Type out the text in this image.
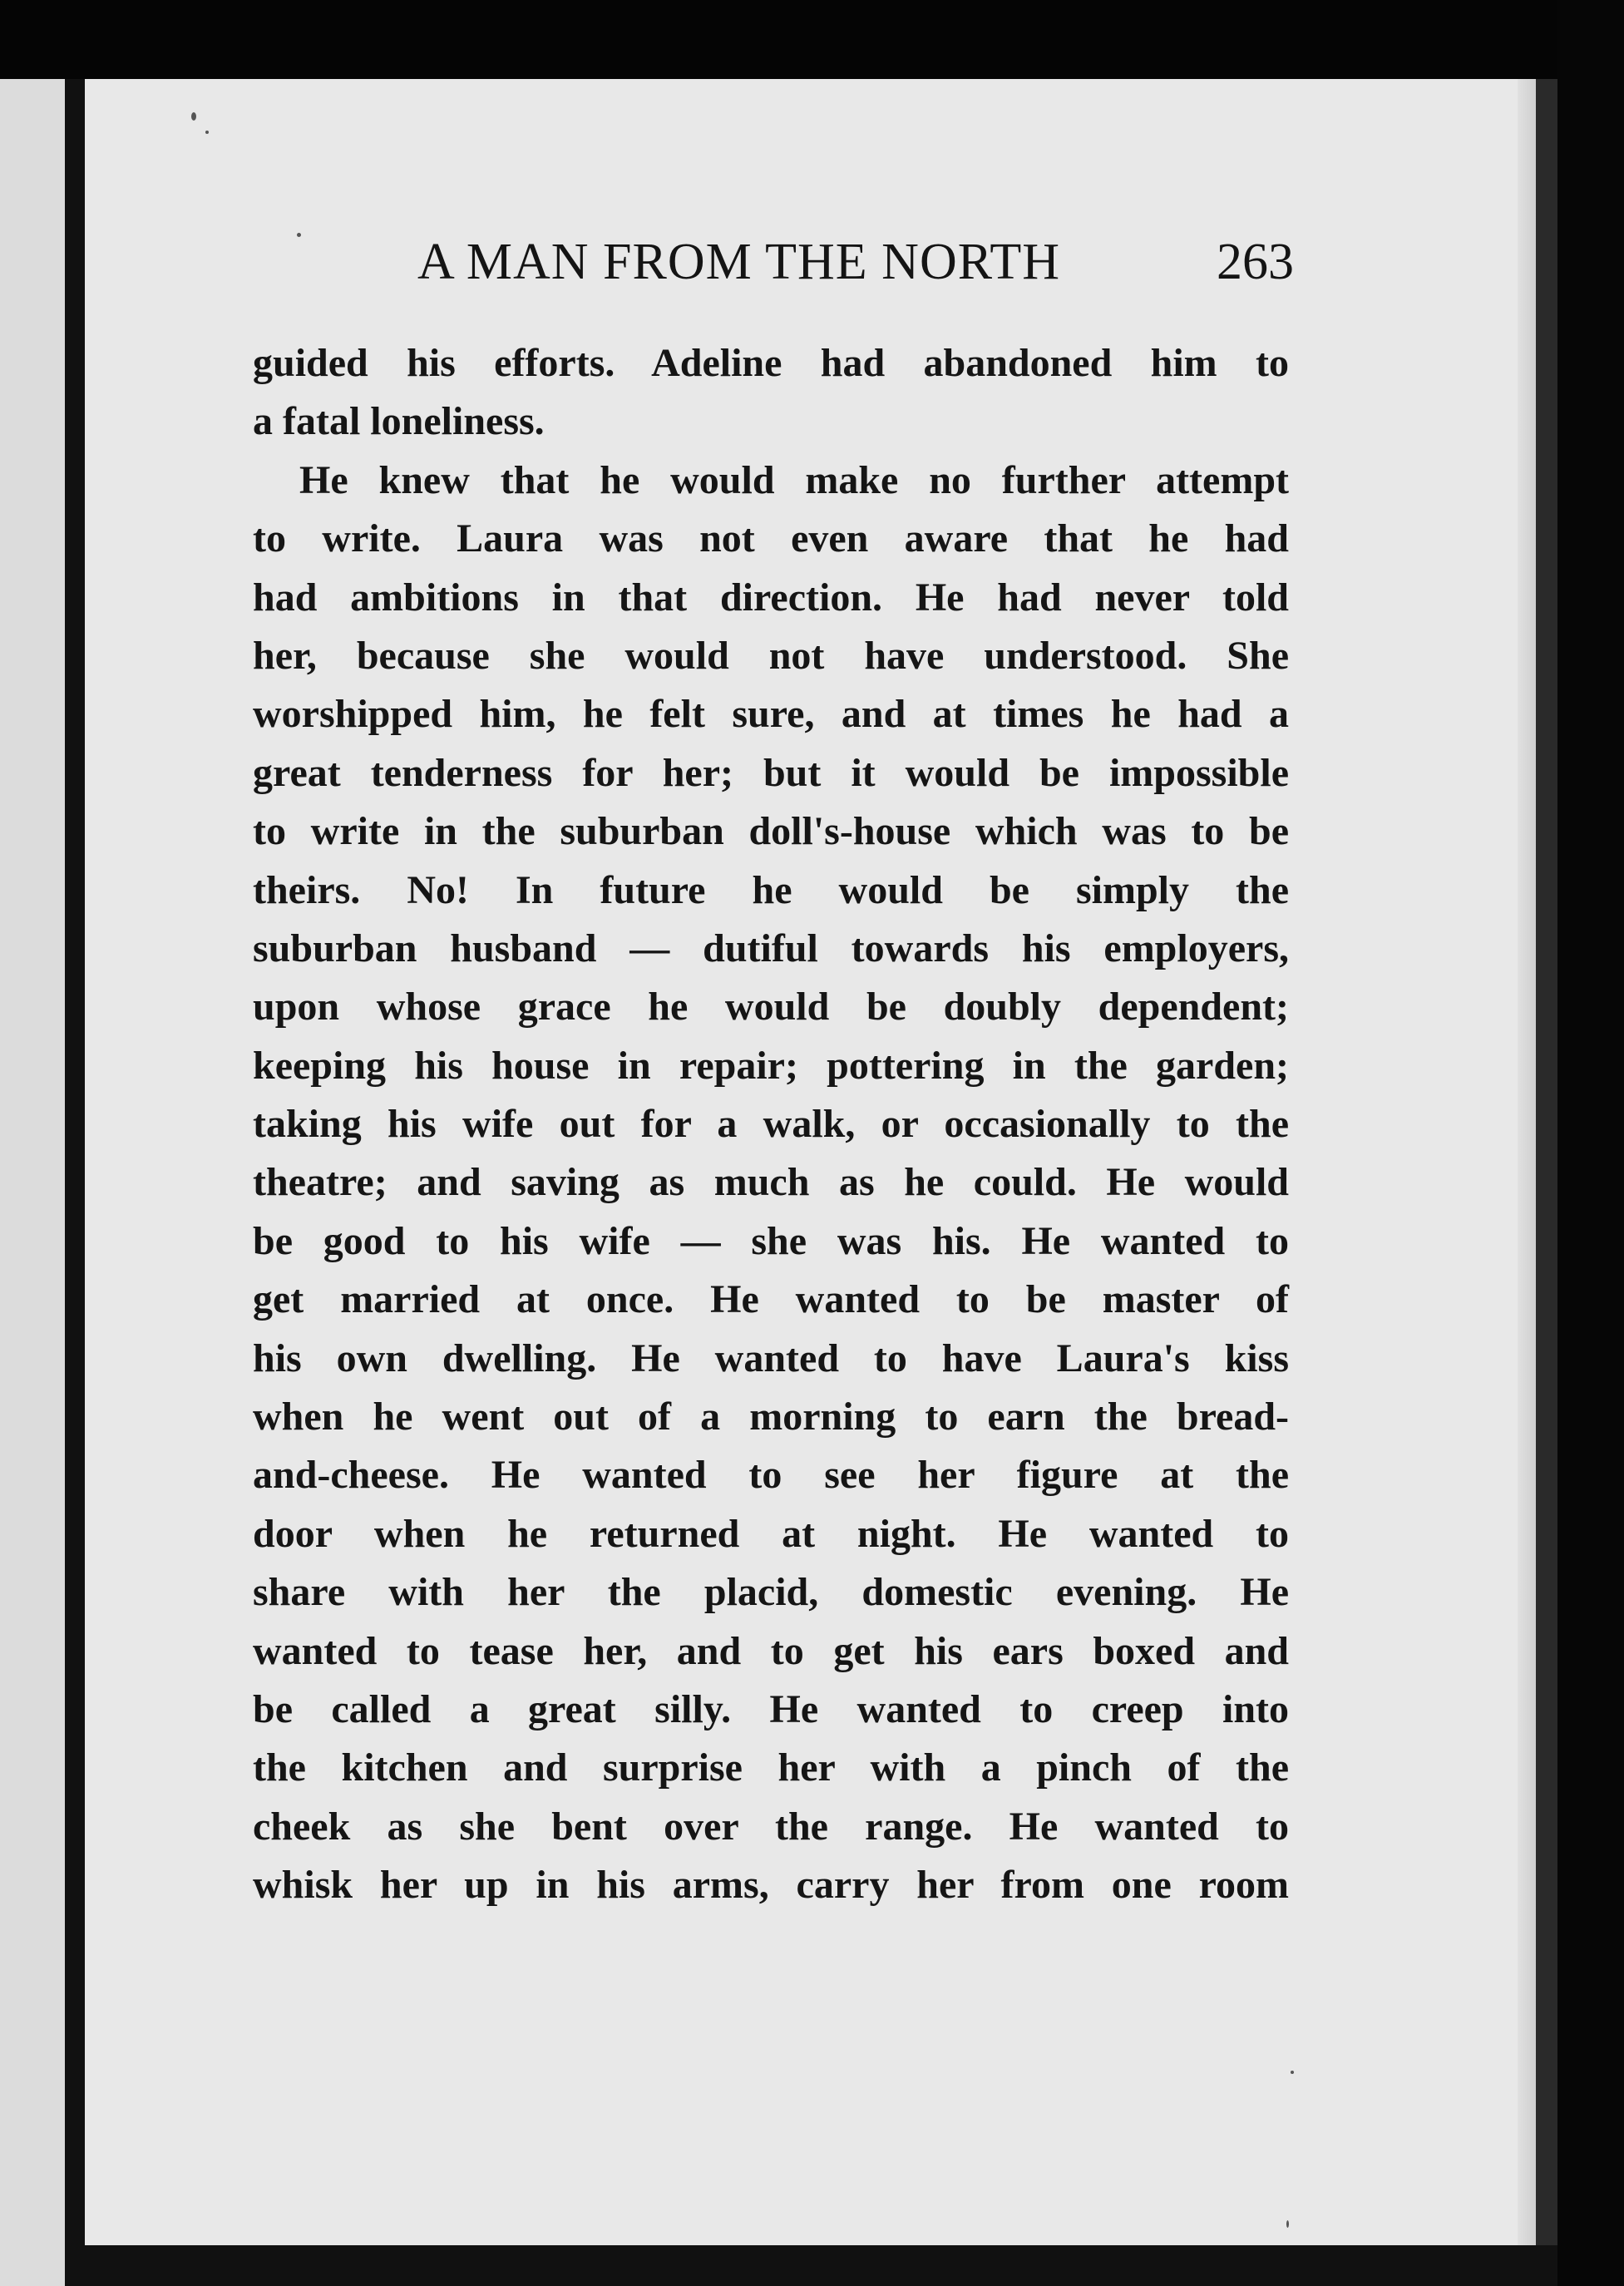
A MAN FROM THE NORTH	263
guided his efforts. Adeline had abandoned him to
a fatal loneliness.
He knew that he would make no further attempt
to write. Laura was not even aware that he had
had ambitions in that direction. He had never told
her, because she would not have understood. She
worshipped him, he felt sure, and at times he had a
great tenderness for her; but it would be impossible
to write in the suburban doll's-house which was to be
theirs. No! In future he would be simply the
suburban husband — dutiful towards his employers,
upon whose grace he would be doubly dependent;
keeping his house in repair; pottering in the garden;
taking his wife out for a walk, or occasionally to the
theatre; and saving as much as he could. He would
be good to his wife — she was his. He wanted to
get married at once. He wanted to be master of
his own dwelling. He wanted to have Laura's kiss
when he went out of a morning to earn the bread-
and-cheese. He wanted to see her figure at the
door when he returned at night. He wanted to
share with her the placid, domestic evening. He
wanted to tease her, and to get his ears boxed and
be called a great silly. He wanted to creep into
the kitchen and surprise her with a pinch of the
cheek as she bent over the range. He wanted to
whisk her up in his arms, carry her from one room
